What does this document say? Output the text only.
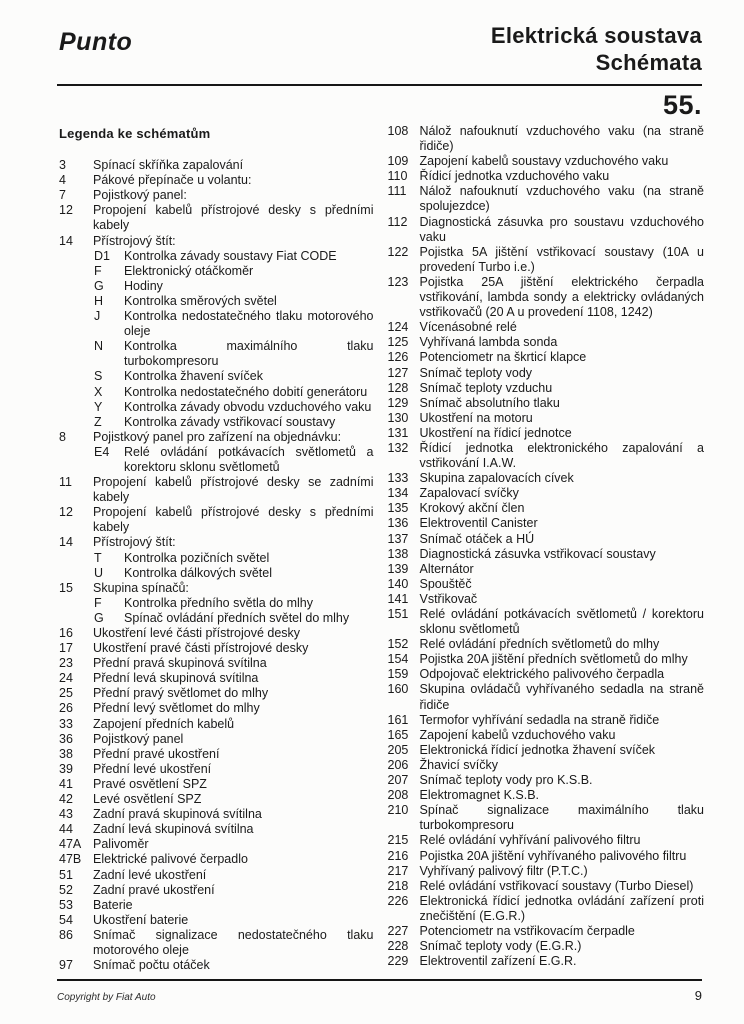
Punto	Elektrická soustava
Schémata
55.
Legenda ke schématům
3 Spínací skříňka zapalování
4 Pákové přepínače u volantu:
7 Pojistkový panel:
12 Propojení kabelů přístrojové desky s předními kabely
14 Přístrojový štít:
D1 Kontrolka závady soustavy Fiat CODE
F Elektronický otáčkoměr
G Hodiny
H Kontrolka směrových světel
J Kontrolka nedostatečného tlaku motorového oleje
N Kontrolka maximálního tlaku turbokompresoru
S Kontrolka žhavení svíček
X Kontrolka nedostatečného dobití generátoru
Y Kontrolka závady obvodu vzduchového vaku
Z Kontrolka závady vstřikovací soustavy
8 Pojistkový panel pro zařízení na objednávku:
E4 Relé ovládání potkávacích světlometů a korektoru sklonu světlometů
11 Propojení kabelů přístrojové desky se zadními kabely
12 Propojení kabelů přístrojové desky s předními kabely
14 Přístrojový štít:
T Kontrolka pozičních světel
U Kontrolka dálkových světel
15 Skupina spínačů:
F Kontrolka předního světla do mlhy
G Spínač ovládání předních světel do mlhy
16 Ukostření levé části přístrojové desky
17 Ukostření pravé části přístrojové desky
23 Přední pravá skupinová svítilna
24 Přední levá skupinová svítilna
25 Přední pravý světlomet do mlhy
26 Přední levý světlomet do mlhy
33 Zapojení předních kabelů
36 Pojistkový panel
38 Přední pravé ukostření
39 Přední levé ukostření
41 Pravé osvětlení SPZ
42 Levé osvětlení SPZ
43 Zadní pravá skupinová svítilna
44 Zadní levá skupinová svítilna
47A Palivoměr
47B Elektrické palivové čerpadlo
51 Zadní levé ukostření
52 Zadní pravé ukostření
53 Baterie
54 Ukostření baterie
86 Snímač signalizace nedostatečného tlaku motorového oleje
97 Snímač počtu otáček
108 Nálož nafouknutí vzduchového vaku (na straně řidiče)
109 Zapojení kabelů soustavy vzduchového vaku
110 Řídicí jednotka vzduchového vaku
111 Nálož nafouknutí vzduchového vaku (na straně spolujezdce)
112 Diagnostická zásuvka pro soustavu vzduchového vaku
122 Pojistka 5A jištění vstřikovací soustavy (10A u provedení Turbo i.e.)
123 Pojistka 25A jištění elektrického čerpadla vstřikování, lambda sondy a elektricky ovládaných vstřikovačů (20 A u provedení 1108, 1242)
124 Vícenásobné relé
125 Vyhřívaná lambda sonda
126 Potenciometr na škrticí klapce
127 Snímač teploty vody
128 Snímač teploty vzduchu
129 Snímač absolutního tlaku
130 Ukostření na motoru
131 Ukostření na řídicí jednotce
132 Řídicí jednotka elektronického zapalování a vstřikování I.A.W.
133 Skupina zapalovacích cívek
134 Zapalovací svíčky
135 Krokový akční člen
136 Elektroventil Canister
137 Snímač otáček a HÚ
138 Diagnostická zásuvka vstřikovací soustavy
139 Alternátor
140 Spouštěč
141 Vstřikovač
151 Relé ovládání potkávacích světlometů / korektoru sklonu světlometů
152 Relé ovládání předních světlometů do mlhy
154 Pojistka 20A jištění předních světlometů do mlhy
159 Odpojovač elektrického palivového čerpadla
160 Skupina ovládačů vyhřívaného sedadla na straně řidiče
161 Termofor vyhřívání sedadla na straně řidiče
165 Zapojení kabelů vzduchového vaku
205 Elektronická řídicí jednotka žhavení svíček
206 Žhavicí svíčky
207 Snímač teploty vody pro K.S.B.
208 Elektromagnet K.S.B.
210 Spínač signalizace maximálního tlaku turbokompresoru
215 Relé ovládání vyhřívání palivového filtru
216 Pojistka 20A jištění vyhřívaného palivového filtru
217 Vyhřívaný palivový filtr (P.T.C.)
218 Relé ovládání vstřikovací soustavy (Turbo Diesel)
226 Elektronická řídicí jednotka ovládání zařízení proti znečištění (E.G.R.)
227 Potenciometr na vstřikovacím čerpadle
228 Snímač teploty vody (E.G.R.)
229 Elektroventil zařízení E.G.R.
Copyright by Fiat Auto	9
